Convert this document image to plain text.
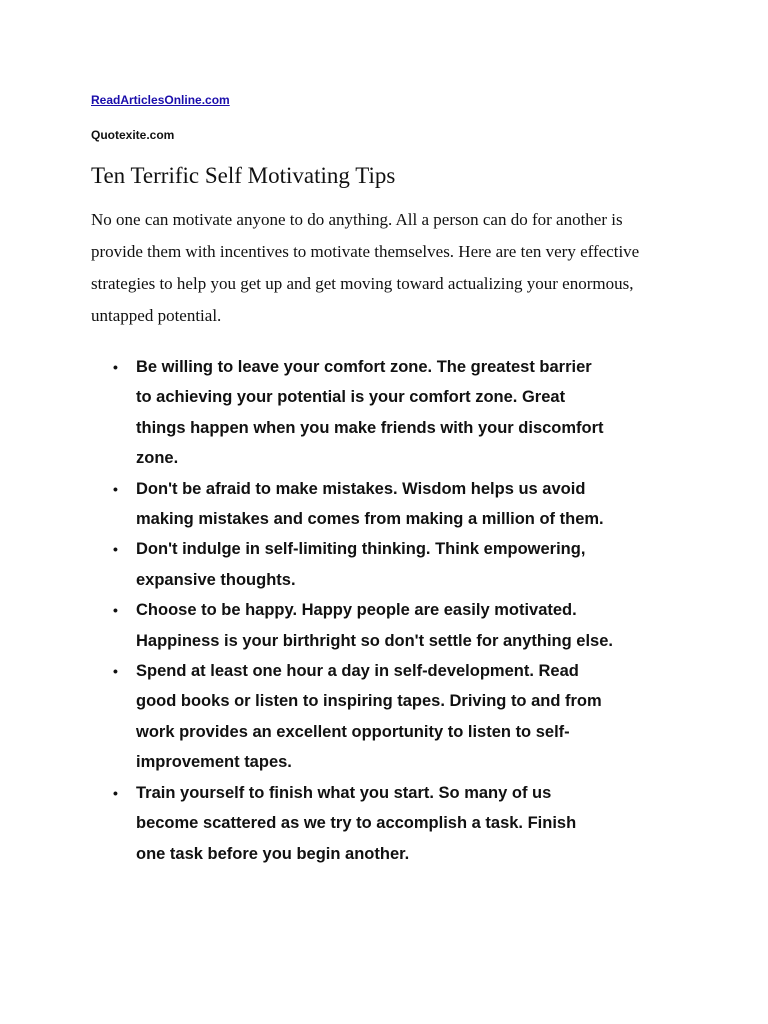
ReadArticlesOnline.com
Quotexite.com
Ten Terrific Self Motivating Tips

No one can motivate anyone to do anything. All a person can do for another is
provide them with incentives to motivate themselves. Here are ten very effective
strategies to help you get up and get moving toward actualizing your enormous,
untapped potential.

• Be willing to leave your comfort zone. The greatest barrier
to achieving your potential is your comfort zone. Great
things happen when you make friends with your discomfort
zone.
• Don't be afraid to make mistakes. Wisdom helps us avoid
making mistakes and comes from making a million of them.
• Don't indulge in self-limiting thinking. Think empowering,
expansive thoughts.
• Choose to be happy. Happy people are easily motivated.
Happiness is your birthright so don't settle for anything else.
• Spend at least one hour a day in self-development. Read
good books or listen to inspiring tapes. Driving to and from
work provides an excellent opportunity to listen to self-
improvement tapes.
• Train yourself to finish what you start. So many of us
become scattered as we try to accomplish a task. Finish
one task before you begin another.
